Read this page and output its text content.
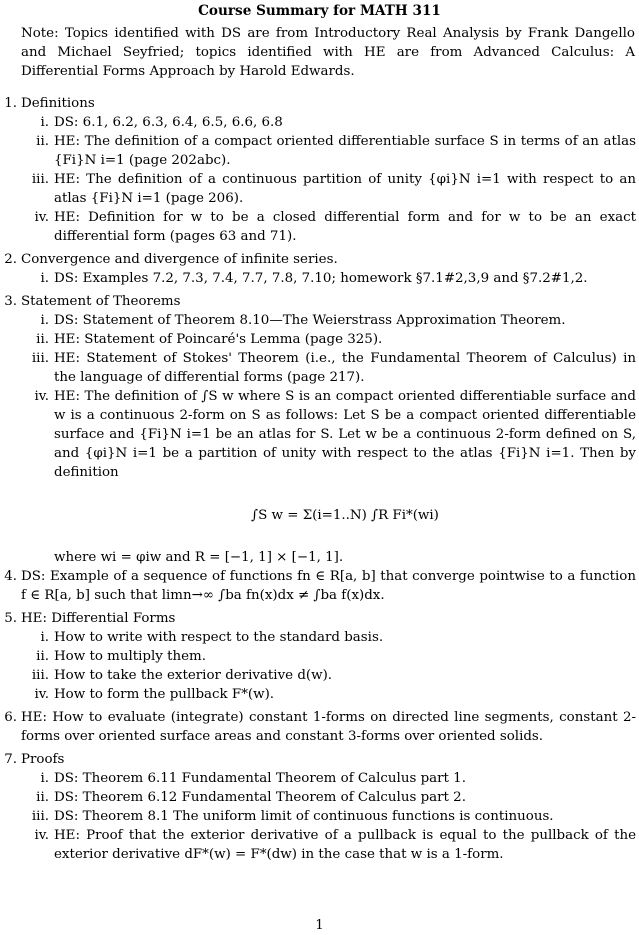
Course Summary for MATH 311
Note: Topics identified with DS are from Introductory Real Analysis by Frank Dangello and Michael Seyfried; topics identified with HE are from Advanced Calculus: A Differential Forms Approach by Harold Edwards.
1. Definitions
i. DS: 6.1, 6.2, 6.3, 6.4, 6.5, 6.6, 6.8
ii. HE: The definition of a compact oriented differentiable surface S in terms of an atlas {Fi}N i=1 (page 202abc).
iii. HE: The definition of a continuous partition of unity {φi}N i=1 with respect to an atlas {Fi}N i=1 (page 206).
iv. HE: Definition for w to be a closed differential form and for w to be an exact differential form (pages 63 and 71).
2. Convergence and divergence of infinite series.
i. DS: Examples 7.2, 7.3, 7.4, 7.7, 7.8, 7.10; homework §7.1#2,3,9 and §7.2#1,2.
3. Statement of Theorems
i. DS: Statement of Theorem 8.10—The Weierstrass Approximation Theorem.
ii. HE: Statement of Poincaré's Lemma (page 325).
iii. HE: Statement of Stokes' Theorem (i.e., the Fundamental Theorem of Calculus) in the language of differential forms (page 217).
iv. HE: The definition of ∫S w where S is an compact oriented differentiable surface and w is a continuous 2-form on S as follows: Let S be a compact oriented differentiable surface and {Fi}N i=1 be an atlas for S. Let w be a continuous 2-form defined on S, and {φi}N i=1 be a partition of unity with respect to the atlas {Fi}N i=1. Then by definition
∫S w = Σ(i=1..N) ∫R Fi*(wi)
where wi = φiw and R = [−1, 1] × [−1, 1].
4. DS: Example of a sequence of functions fn ∈ R[a, b] that converge pointwise to a function f ∈ R[a, b] such that limn→∞ ∫ba fn(x)dx ≠ ∫ba f(x)dx.
5. HE: Differential Forms
i. How to write with respect to the standard basis.
ii. How to multiply them.
iii. How to take the exterior derivative d(w).
iv. How to form the pullback F*(w).
6. HE: How to evaluate (integrate) constant 1-forms on directed line segments, constant 2-forms over oriented surface areas and constant 3-forms over oriented solids.
7. Proofs
i. DS: Theorem 6.11 Fundamental Theorem of Calculus part 1.
ii. DS: Theorem 6.12 Fundamental Theorem of Calculus part 2.
iii. DS: Theorem 8.1 The uniform limit of continuous functions is continuous.
iv. HE: Proof that the exterior derivative of a pullback is equal to the pullback of the exterior derivative dF*(w) = F*(dw) in the case that w is a 1-form.
1
